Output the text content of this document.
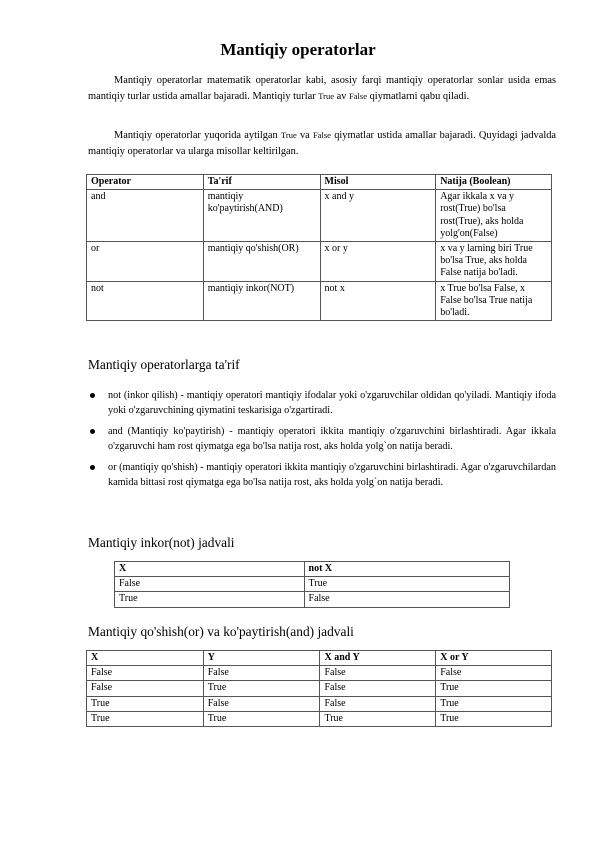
Mantiqiy operatorlar

Mantiqiy operatorlar matematik operatorlar kabi, asosiy farqi mantiqiy operatorlar sonlar usida emas mantiqiy turlar ustida amallar bajaradi. Mantiqiy turlar True av False qiymatlarni qabu qiladi.

Mantiqiy operatorlar yuqorida aytilgan True va False qiymatlar ustida amallar bajaradi. Quyidagi jadvalda mantiqiy operatorlar va ularga misollar keltirilgan.

Operator	Ta'rif	Misol	Natija (Boolean)
and	mantiqiy ko'paytirish(AND)	x and y	Agar ikkala x va y rost(True) bo'lsa rost(True), aks holda yolg'on(False)
or	mantiqiy qo'shish(OR)	x or y	x va y larning biri True bo'lsa True, aks holda False natija bo'ladi.
not	mantiqiy inkor(NOT)	not x	x True bo'lsa False, x False bo'lsa True natija bo'ladi.
Mantiqiy operatorlarga ta'rif
not (inkor qilish) - mantiqiy operatori mantiqiy ifodalar yoki o'zgaruvchilar oldidan qo'yiladi. Mantiqiy ifoda yoki o'zgaruvchining qiymatini teskarisiga o'zgartiradi.
and (Mantiqiy ko'paytirish) - mantiqiy operatori ikkita mantiqiy o'zgaruvchini birlashtiradi. Agar ikkala o'zgaruvchi ham rost qiymatga ega bo'lsa natija rost, aks holda yolg`on natija beradi.
or (mantiqiy qo'shish) - mantiqiy operatori ikkita mantiqiy o'zgaruvchini birlashtiradi. Agar o'zgaruvchilardan kamida bittasi rost qiymatga ega bo'lsa natija rost, aks holda yolg`on natija beradi.
Mantiqiy inkor(not) jadvali
X	not X
False	True
True	False
Mantiqiy qo'shish(or) va ko'paytirish(and) jadvali
X	Y	X and Y	X or Y
False	False	False	False
False	True	False	True
True	False	False	True
True	True	True	True
